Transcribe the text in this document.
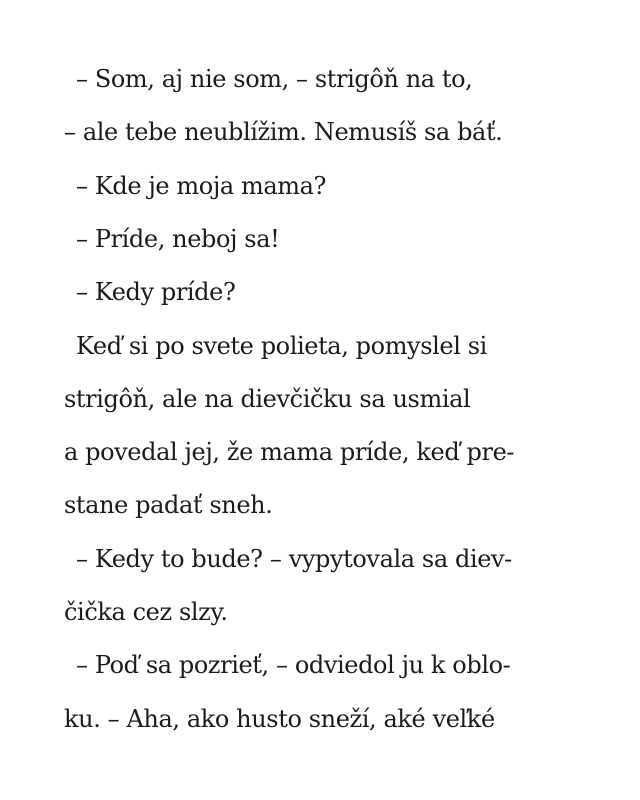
– Som, aj nie som, – strigôň na to,
– ale tebe neublížim. Nemusíš sa báť.
– Kde je moja mama?
– Príde, neboj sa!
– Kedy príde?
Keď si po svete polieta, pomyslel si
strigôň, ale na dievčičku sa usmial
a povedal jej, že mama príde, keď pre-
stane padať sneh.
– Kedy to bude? – vypytovala sa diev-
čička cez slzy.
– Poď sa pozrieť, – odviedol ju k oblo-
ku. – Aha, ako husto sneží, aké veľké
